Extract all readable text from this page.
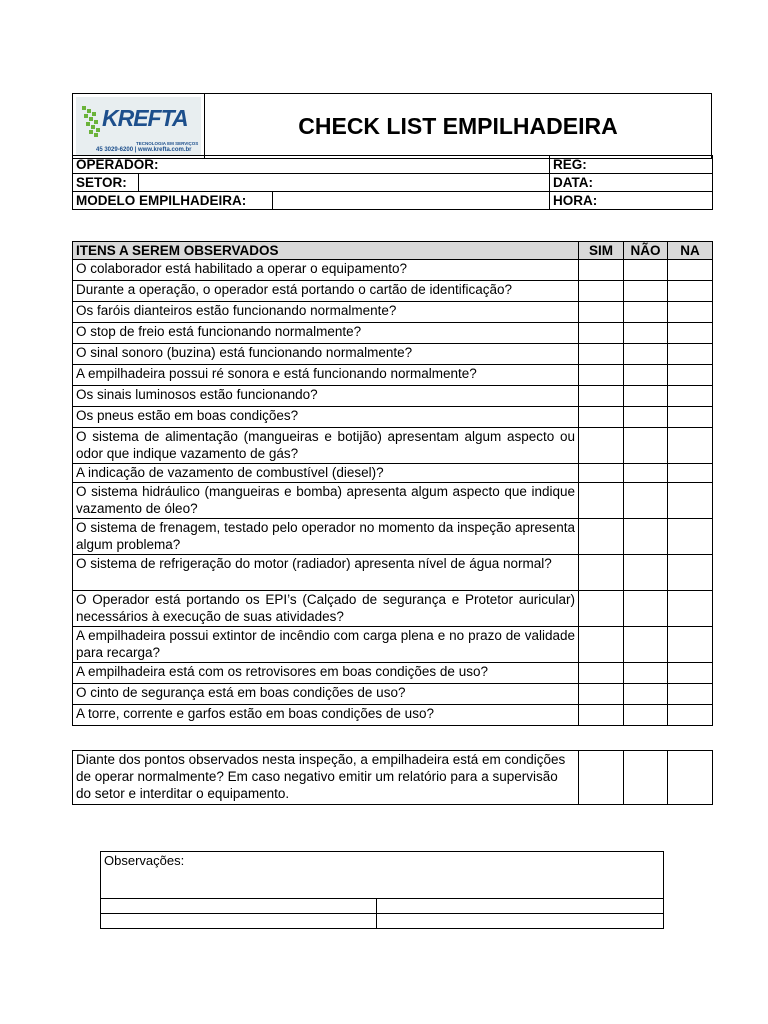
KREFTA
TECNOLOGIA EM SERVIÇOS
45 3029-6200 | www.krefta.com.br
	CHECK LIST EMPILHADEIRA
OPERADOR:			REG:
SETOR:			DATA:
MODELO EMPILHADEIRA:			HORA:
ITENS A SEREM OBSERVADOS	SIM	NÃO	NA
O colaborador está habilitado a operar o equipamento?			
Durante a operação, o operador está portando o cartão de identificação?			
Os faróis dianteiros estão funcionando normalmente?			
O stop de freio está funcionando normalmente?			
O sinal sonoro (buzina) está funcionando normalmente?			
A empilhadeira possui ré sonora e está funcionando normalmente?			
Os sinais luminosos estão funcionando?			
Os pneus estão em boas condições?			
O sistema de alimentação (mangueiras e botijão) apresentam algum aspecto ou odor que indique vazamento de gás?			
A indicação de vazamento de combustível (diesel)?			
O sistema hidráulico (mangueiras e bomba) apresenta algum aspecto que indique vazamento de óleo?			
O sistema de frenagem, testado pelo operador no momento da inspeção apresenta algum problema?			
O sistema de refrigeração do motor (radiador) apresenta nível de água normal?			
O Operador está portando os EPI’s (Calçado de segurança e Protetor auricular) necessários à execução de suas atividades?			
A empilhadeira possui extintor de incêndio com carga plena e no prazo de validade para recarga?			
A empilhadeira está com os retrovisores em boas condições de uso?			
O cinto de segurança está em boas condições de uso?			
A torre, corrente e garfos estão em boas condições de uso?			
Diante dos pontos observados nesta inspeção, a empilhadeira está em condições de operar normalmente? Em caso negativo emitir um relatório para a supervisão do setor e interditar o equipamento.			
Observações:	
